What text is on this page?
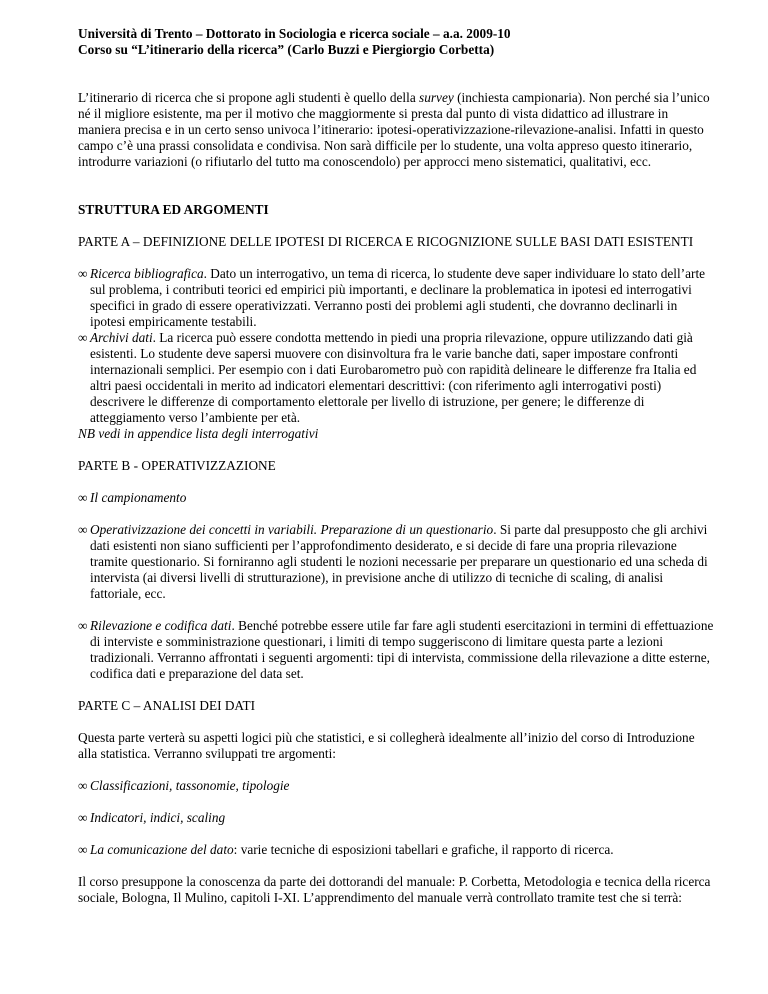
Università di Trento – Dottorato in Sociologia e ricerca sociale – a.a. 2009-10

Corso su “L’itinerario della ricerca” (Carlo Buzzi e Piergiorgio Corbetta)

L’itinerario di ricerca che si propone agli studenti è quello della survey (inchiesta campionaria). Non perché sia l’unico né il migliore esistente, ma per il motivo che maggiormente si presta dal punto di vista didattico ad illustrare in maniera precisa e in un certo senso univoca l’itinerario: ipotesi-operativizzazione-rilevazione-analisi. Infatti in questo campo c’è una prassi consolidata e condivisa. Non sarà difficile per lo studente, una volta appreso questo itinerario, introdurre variazioni (o rifiutarlo del tutto ma conoscendolo) per approcci meno sistematici, qualitativi, ecc.

STRUTTURA ED ARGOMENTI

PARTE A – DEFINIZIONE DELLE IPOTESI DI RICERCA E RICOGNIZIONE SULLE BASI DATI ESISTENTI

∞ Ricerca bibliografica. Dato un interrogativo, un tema di ricerca, lo studente deve saper individuare lo stato dell’arte sul problema, i contributi teorici ed empirici più importanti, e declinare la problematica in ipotesi ed interrogativi specifici in grado di essere operativizzati. Verranno posti dei problemi agli studenti, che dovranno declinarli in ipotesi empiricamente testabili.

∞ Archivi dati. La ricerca può essere condotta mettendo in piedi una propria rilevazione, oppure utilizzando dati già esistenti. Lo studente deve sapersi muovere con disinvoltura fra le varie banche dati, saper impostare confronti internazionali semplici. Per esempio con i dati Eurobarometro può con rapidità delineare le differenze fra Italia ed altri paesi occidentali in merito ad indicatori elementari descrittivi: (con riferimento agli interrogativi posti) descrivere le differenze di comportamento elettorale per livello di istruzione, per genere; le differenze di atteggiamento verso l’ambiente per età.

NB vedi in appendice lista degli interrogativi

PARTE B - OPERATIVIZZAZIONE

∞ Il campionamento

∞ Operativizzazione dei concetti in variabili. Preparazione di un questionario. Si parte dal presupposto che gli archivi dati esistenti non siano sufficienti per l’approfondimento desiderato, e si decide di fare una propria rilevazione tramite questionario. Si forniranno agli studenti le nozioni necessarie per preparare un questionario ed una scheda di intervista (ai diversi livelli di strutturazione), in previsione anche di utilizzo di tecniche di scaling, di analisi fattoriale, ecc.

∞ Rilevazione e codifica dati. Benché potrebbe essere utile far fare agli studenti esercitazioni in termini di effettuazione di interviste e somministrazione questionari, i limiti di tempo suggeriscono di limitare questa parte a lezioni tradizionali. Verranno affrontati i seguenti argomenti: tipi di intervista, commissione della rilevazione a ditte esterne, codifica dati e preparazione del data set.

PARTE C – ANALISI DEI DATI

Questa parte verterà su aspetti logici più che statistici, e si collegherà idealmente all’inizio del corso di Introduzione alla statistica. Verranno sviluppati tre argomenti:

∞ Classificazioni, tassonomie, tipologie

∞ Indicatori, indici, scaling

∞ La comunicazione del dato: varie tecniche di esposizioni tabellari e grafiche, il rapporto di ricerca.

Il corso presuppone la conoscenza da parte dei dottorandi del manuale: P. Corbetta, Metodologia e tecnica della ricerca sociale, Bologna, Il Mulino, capitoli I-XI. L’apprendimento del manuale verrà controllato tramite test che si terrà:
